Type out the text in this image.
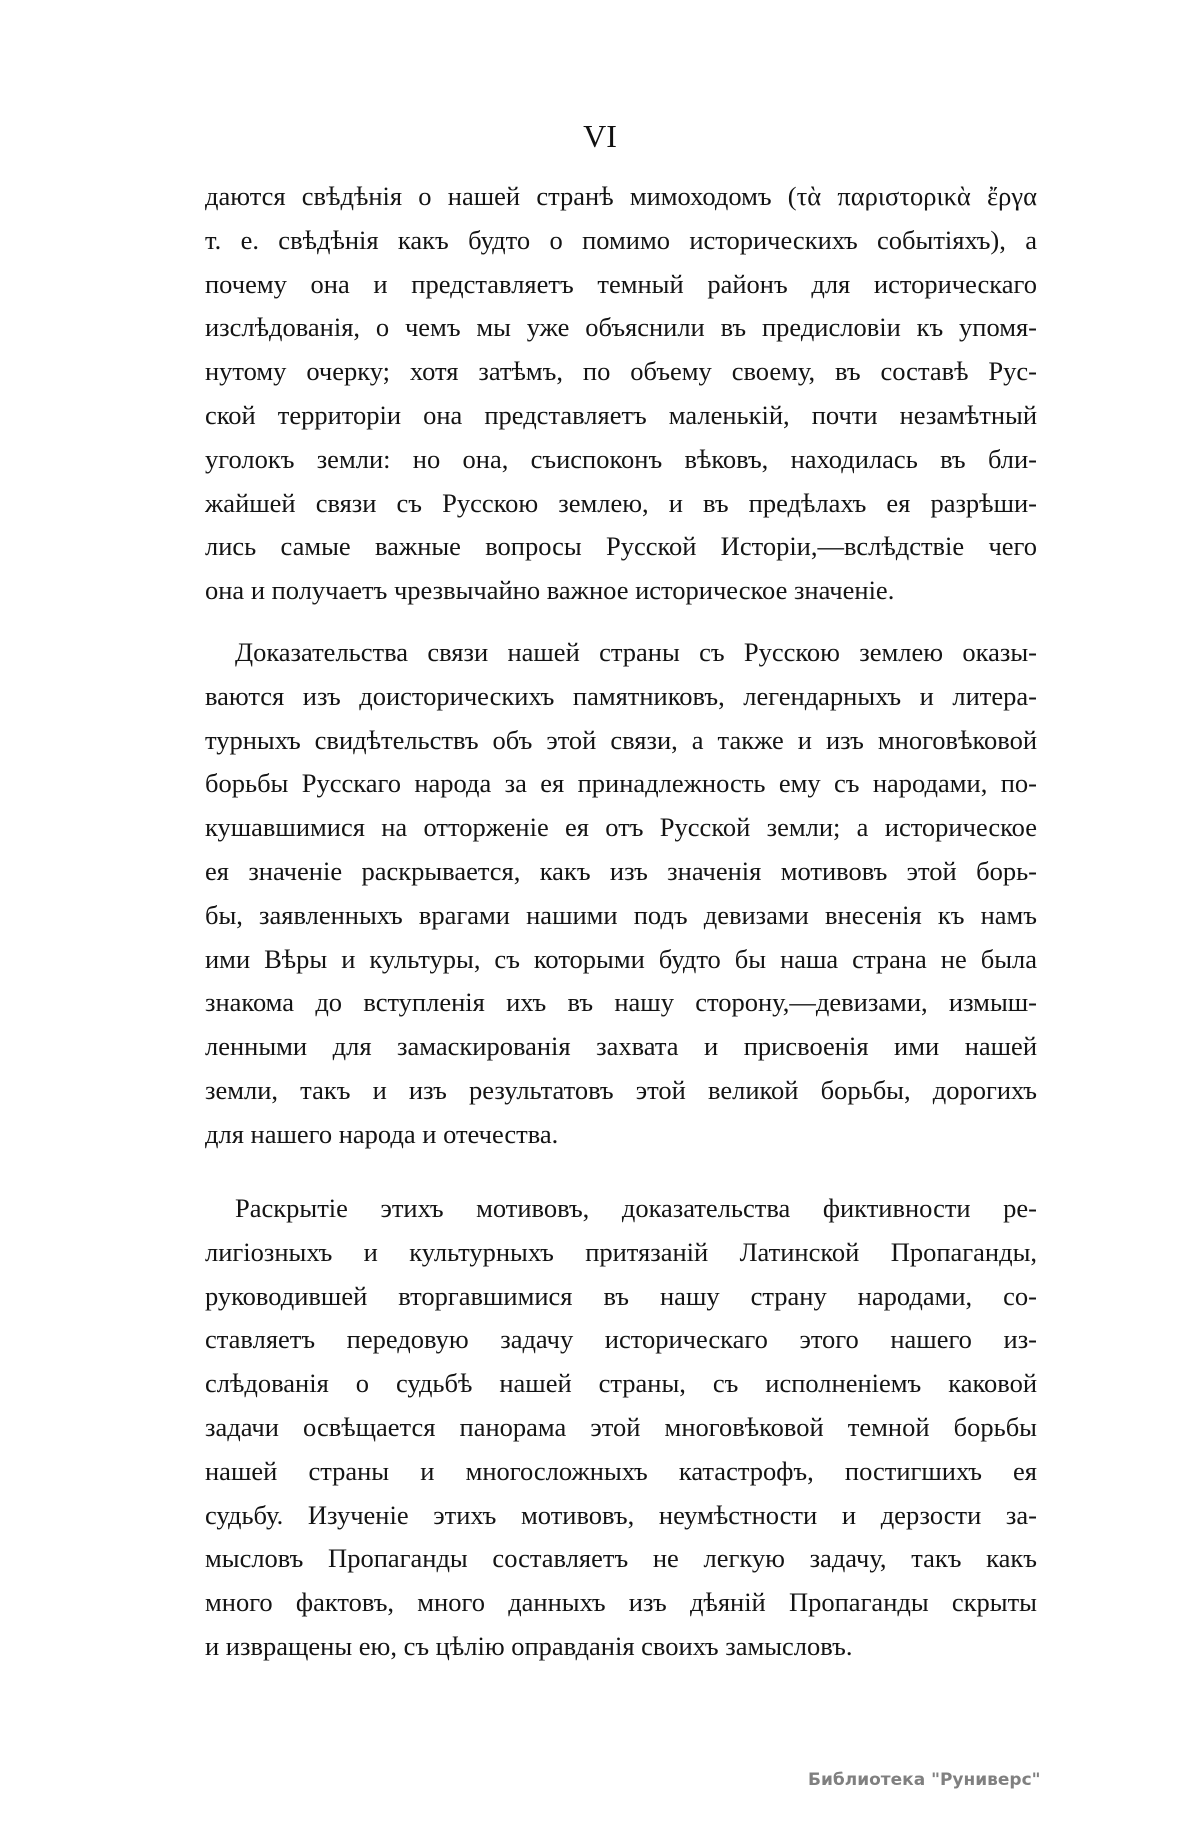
VI
даются свѣдѣнія о нашей странѣ мимоходомъ (τὰ παριστορικὰ ἔργα
т. е. свѣдѣнія какъ будто о помимо историческихъ событіяхъ), а
почему она и представляетъ темный районъ для историческаго
изслѣдованія, о чемъ мы уже объяснили въ предисловіи къ упомя-
нутому очерку; хотя затѣмъ, по объему своему, въ составѣ Рус-
ской территоріи она представляетъ маленькій, почти незамѣтный
уголокъ земли: но она, съиспоконъ вѣковъ, находилась въ бли-
жайшей связи съ Русскою землею, и въ предѣлахъ ея разрѣши-
лись самые важные вопросы Русской Исторіи,—вслѣдствіе чего
она и получаетъ чрезвычайно важное историческое значеніе.
Доказательства связи нашей страны съ Русскою землею оказы-
ваются изъ доисторическихъ памятниковъ, легендарныхъ и литера-
турныхъ свидѣтельствъ объ этой связи, а также и изъ многовѣковой
борьбы Русскаго народа за ея принадлежность ему съ народами, по-
кушавшимися на отторженіе ея отъ Русской земли; а историческое
ея значеніе раскрывается, какъ изъ значенія мотивовъ этой борь-
бы, заявленныхъ врагами нашими подъ девизами внесенія къ намъ
ими Вѣры и культуры, съ которыми будто бы наша страна не была
знакома до вступленія ихъ въ нашу сторону,—девизами, измыш-
ленными для замаскированія захвата и присвоенія ими нашей
земли, такъ и изъ результатовъ этой великой борьбы, дорогихъ
для нашего народа и отечества.
Раскрытіе этихъ мотивовъ, доказательства фиктивности ре-
лигіозныхъ и культурныхъ притязаній Латинской Пропаганды,
руководившей вторгавшимися въ нашу страну народами, со-
ставляетъ передовую задачу историческаго этого нашего из-
слѣдованія о судьбѣ нашей страны, съ исполненіемъ каковой
задачи освѣщается панорама этой многовѣковой темной борьбы
нашей страны и многосложныхъ катастрофъ, постигшихъ ея
судьбу. Изученіе этихъ мотивовъ, неумѣстности и дерзости за-
мысловъ Пропаганды составляетъ не легкую задачу, такъ какъ
много фактовъ, много данныхъ изъ дѣяній Пропаганды скрыты
и извращены ею, съ цѣлію оправданія своихъ замысловъ.
Библиотека "Руниверс"
